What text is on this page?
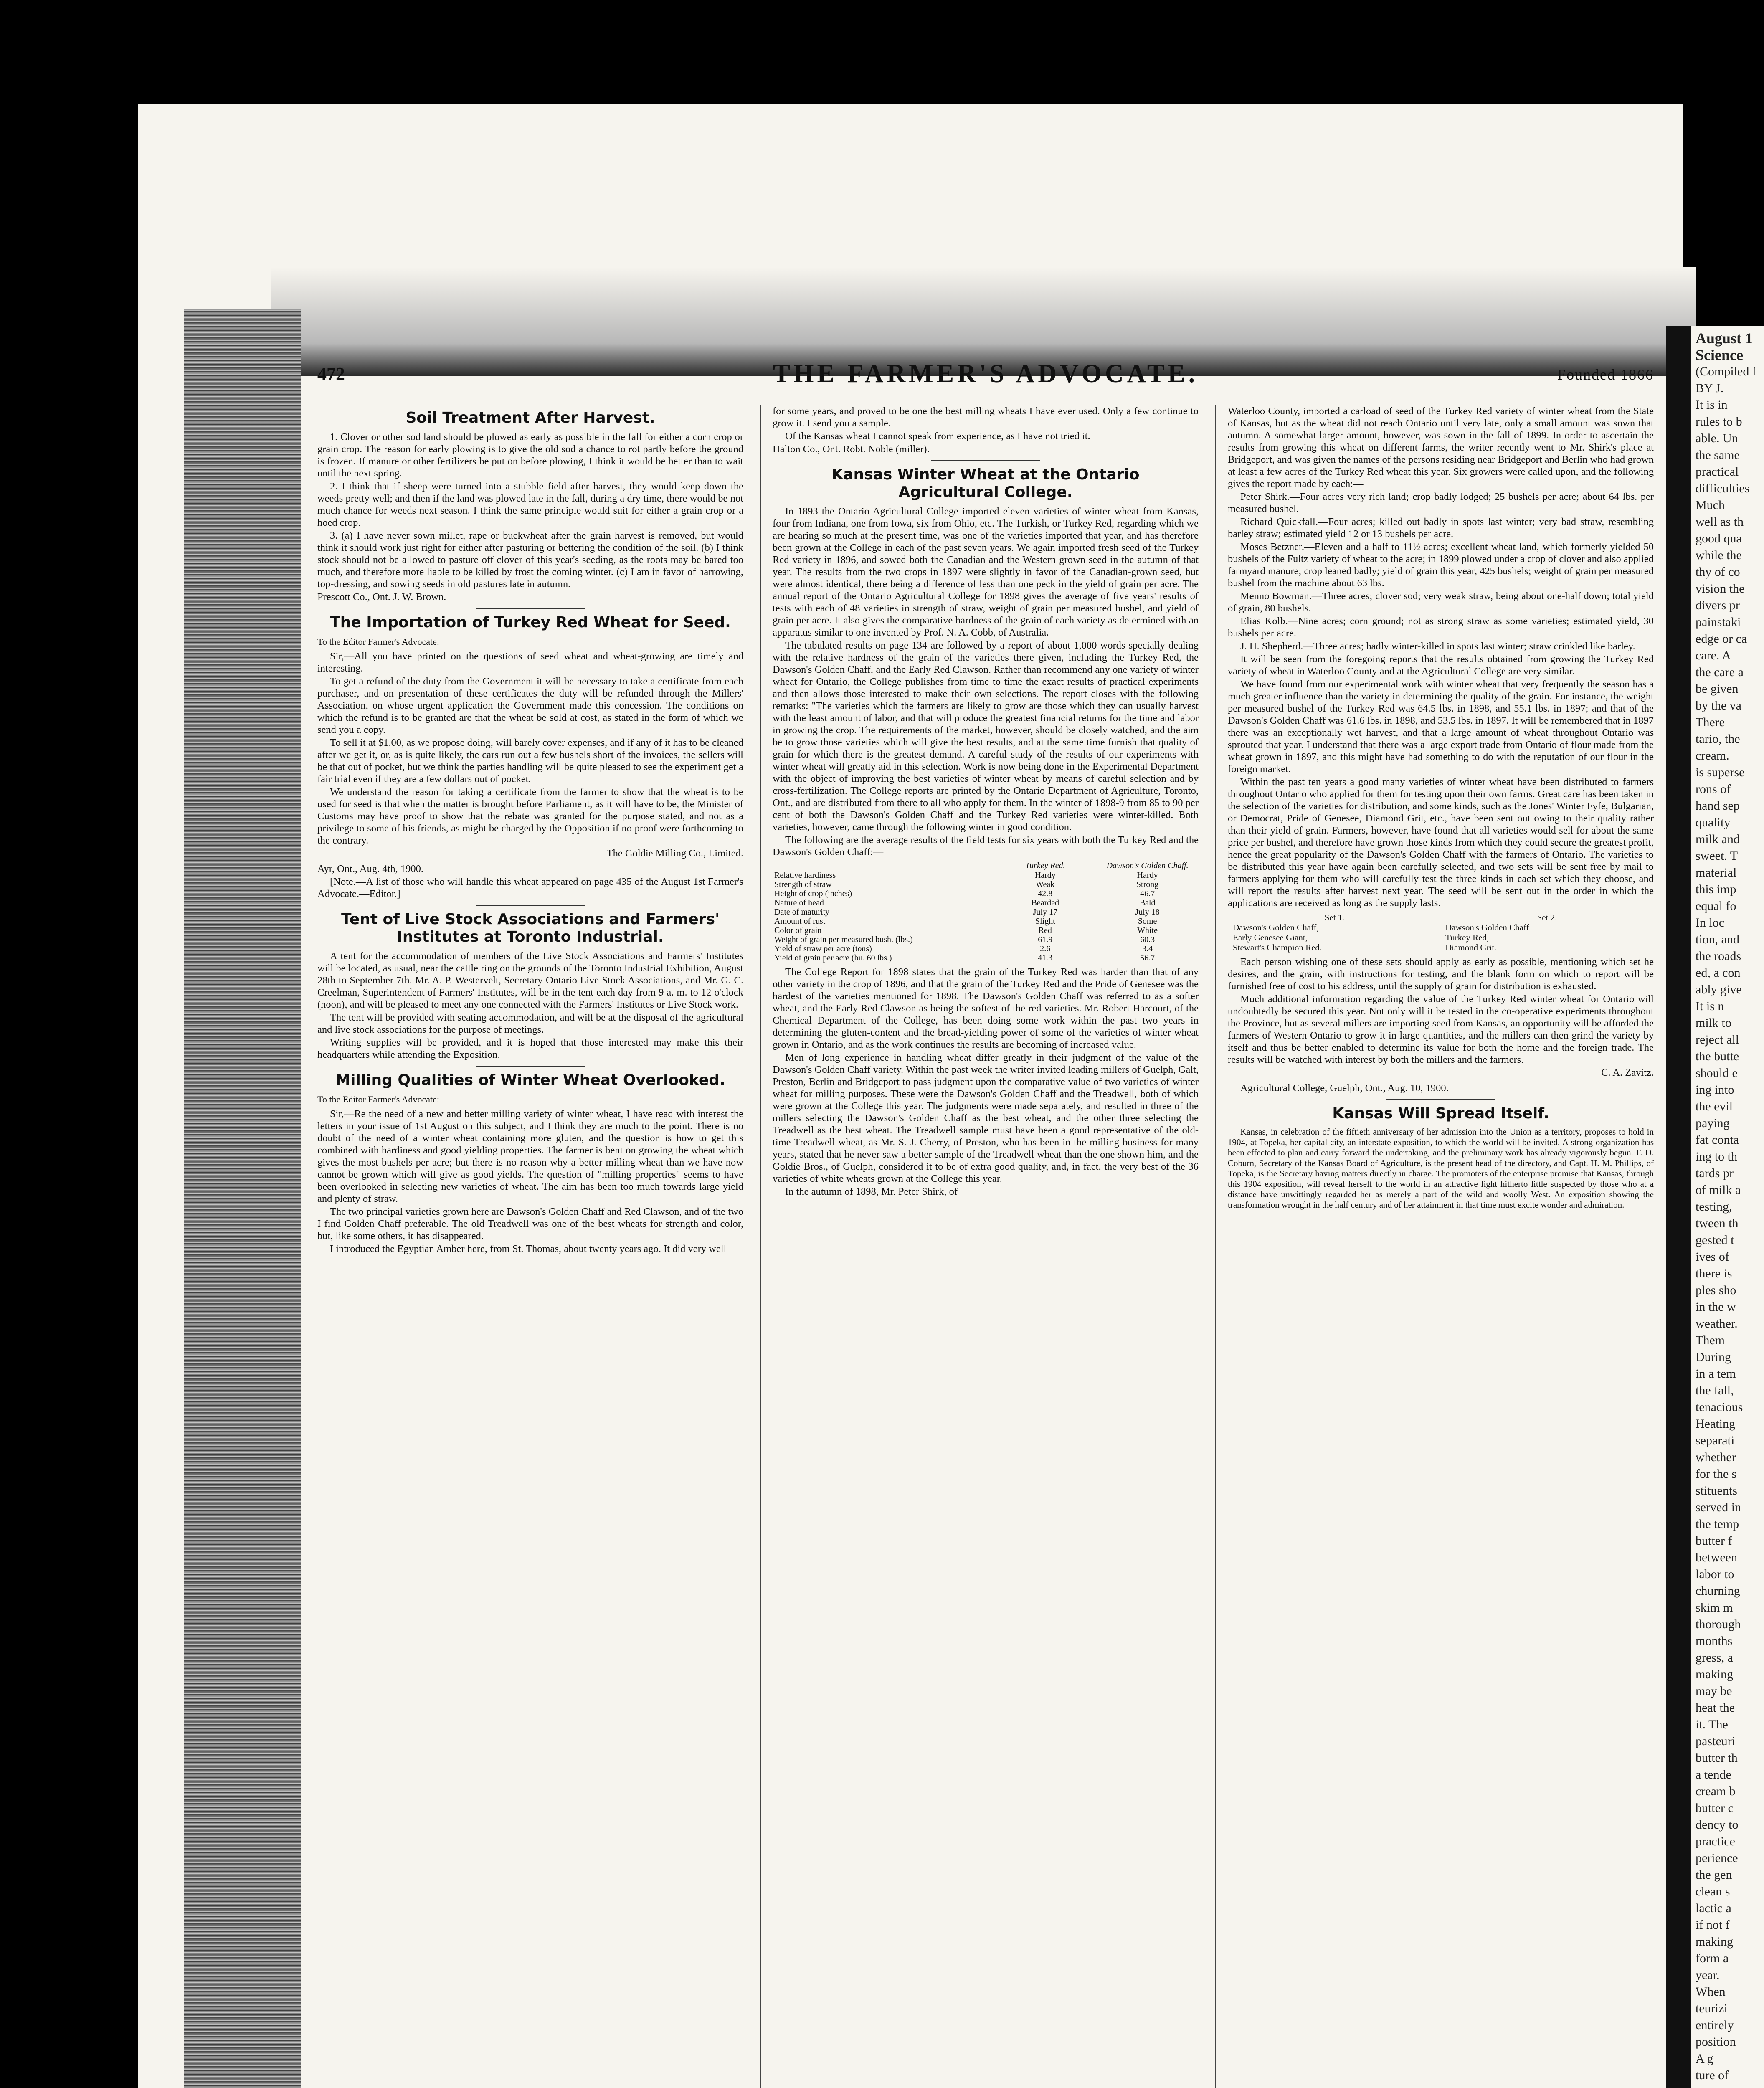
August 1
Science
(Compiled f
BY J.
It is in
rules to b
able. Un
the same
practical
difficulties
Much
well as th
good qua
while the
thy of co
vision the
divers pr
painstaki
edge or ca
care. A
the care a
be given
by the va
There
tario, the
cream.
is superse
rons of
hand sep
quality
milk and
sweet. T
material
this imp
equal fo
In loc
tion, and
the roads
ed, a con
ably give
It is n
milk to
reject all
the butte
should e
ing into
the evil
paying
fat conta
ing to th
tards pr
of milk a
testing,
tween th
gested t
ives of
there is
ples sho
in the w
weather.
Them
During
in a tem
the fall,
tenacious
Heating
separati
whether
for the s
stituents
served in
the temp
butter f
between
labor to
churning
skim m
thorough
months
gress, a
making
may be
heat the
it. The
pasteuri
butter th
a tende
cream b
butter c
dency to
practice
perience
the gen
clean s
lactic a
if not f
making
form a
year.
When
teurizi
entirely
position
A g
ture of
THE FARMER'S ADVOCATE.
472	Founded 1866
Soil Treatment After Harvest.

1. Clover or other sod land should be plowed as early as possible in the fall for either a corn crop or grain crop. The reason for early plowing is to give the old sod a chance to rot partly before the ground is frozen. If manure or other fertilizers be put on before plowing, I think it would be better than to wait until the next spring.

2. I think that if sheep were turned into a stubble field after harvest, they would keep down the weeds pretty well; and then if the land was plowed late in the fall, during a dry time, there would be not much chance for weeds next season. I think the same principle would suit for either a grain crop or a hoed crop.

3. (a) I have never sown millet, rape or buckwheat after the grain harvest is removed, but would think it should work just right for either after pasturing or bettering the condition of the soil. (b) I think stock should not be allowed to pasture off clover of this year's seeding, as the roots may be bared too much, and therefore more liable to be killed by frost the coming winter. (c) I am in favor of harrowing, top-dressing, and sowing seeds in old pastures late in autumn.

Prescott Co., Ont. J. W. Brown.

The Importation of Turkey Red Wheat for Seed.

To the Editor Farmer's Advocate:

Sir,—All you have printed on the questions of seed wheat and wheat-growing are timely and interesting.

To get a refund of the duty from the Government it will be necessary to take a certificate from each purchaser, and on presentation of these certificates the duty will be refunded through the Millers' Association, on whose urgent application the Government made this concession. The conditions on which the refund is to be granted are that the wheat be sold at cost, as stated in the form of which we send you a copy.

To sell it at $1.00, as we propose doing, will barely cover expenses, and if any of it has to be cleaned after we get it, or, as is quite likely, the cars run out a few bushels short of the invoices, the sellers will be that out of pocket, but we think the parties handling will be quite pleased to see the experiment get a fair trial even if they are a few dollars out of pocket.

We understand the reason for taking a certificate from the farmer to show that the wheat is to be used for seed is that when the matter is brought before Parliament, as it will have to be, the Minister of Customs may have proof to show that the rebate was granted for the purpose stated, and not as a privilege to some of his friends, as might be charged by the Opposition if no proof were forthcoming to the contrary.

The Goldie Milling Co., Limited.

Ayr, Ont., Aug. 4th, 1900.

[Note.—A list of those who will handle this wheat appeared on page 435 of the August 1st Farmer's Advocate.—Editor.]

Tent of Live Stock Associations and Farmers' Institutes at Toronto Industrial.

A tent for the accommodation of members of the Live Stock Associations and Farmers' Institutes will be located, as usual, near the cattle ring on the grounds of the Toronto Industrial Exhibition, August 28th to September 7th. Mr. A. P. Westervelt, Secretary Ontario Live Stock Associations, and Mr. G. C. Creelman, Superintendent of Farmers' Institutes, will be in the tent each day from 9 a. m. to 12 o'clock (noon), and will be pleased to meet any one connected with the Farmers' Institutes or Live Stock work.

The tent will be provided with seating accommodation, and will be at the disposal of the agricultural and live stock associations for the purpose of meetings.

Writing supplies will be provided, and it is hoped that those interested may make this their headquarters while attending the Exposition.

Milling Qualities of Winter Wheat Overlooked.

To the Editor Farmer's Advocate:

Sir,—Re the need of a new and better milling variety of winter wheat, I have read with interest the letters in your issue of 1st August on this subject, and I think they are much to the point. There is no doubt of the need of a winter wheat containing more gluten, and the question is how to get this combined with hardiness and good yielding properties. The farmer is bent on growing the wheat which gives the most bushels per acre; but there is no reason why a better milling wheat than we have now cannot be grown which will give as good yields. The question of "milling properties" seems to have been overlooked in selecting new varieties of wheat. The aim has been too much towards large yield and plenty of straw.

The two principal varieties grown here are Dawson's Golden Chaff and Red Clawson, and of the two I find Golden Chaff preferable. The old Treadwell was one of the best wheats for strength and color, but, like some others, it has disappeared.

I introduced the Egyptian Amber here, from St. Thomas, about twenty years ago. It did very well

for some years, and proved to be one the best milling wheats I have ever used. Only a few continue to grow it. I send you a sample.

Of the Kansas wheat I cannot speak from experience, as I have not tried it.

Halton Co., Ont. Robt. Noble (miller).

Kansas Winter Wheat at the Ontario Agricultural College.

In 1893 the Ontario Agricultural College imported eleven varieties of winter wheat from Kansas, four from Indiana, one from Iowa, six from Ohio, etc. The Turkish, or Turkey Red, regarding which we are hearing so much at the present time, was one of the varieties imported that year, and has therefore been grown at the College in each of the past seven years. We again imported fresh seed of the Turkey Red variety in 1896, and sowed both the Canadian and the Western grown seed in the autumn of that year. The results from the two crops in 1897 were slightly in favor of the Canadian-grown seed, but were almost identical, there being a difference of less than one peck in the yield of grain per acre. The annual report of the Ontario Agricultural College for 1898 gives the average of five years' results of tests with each of 48 varieties in strength of straw, weight of grain per measured bushel, and yield of grain per acre. It also gives the comparative hardness of the grain of each variety as determined with an apparatus similar to one invented by Prof. N. A. Cobb, of Australia.

The tabulated results on page 134 are followed by a report of about 1,000 words specially dealing with the relative hardness of the grain of the varieties there given, including the Turkey Red, the Dawson's Golden Chaff, and the Early Red Clawson. Rather than recommend any one variety of winter wheat for Ontario, the College publishes from time to time the exact results of practical experiments and then allows those interested to make their own selections. The report closes with the following remarks: "The varieties which the farmers are likely to grow are those which they can usually harvest with the least amount of labor, and that will produce the greatest financial returns for the time and labor in growing the crop. The requirements of the market, however, should be closely watched, and the aim be to grow those varieties which will give the best results, and at the same time furnish that quality of grain for which there is the greatest demand. A careful study of the results of our experiments with winter wheat will greatly aid in this selection. Work is now being done in the Experimental Department with the object of improving the best varieties of winter wheat by means of careful selection and by cross-fertilization. The College reports are printed by the Ontario Department of Agriculture, Toronto, Ont., and are distributed from there to all who apply for them. In the winter of 1898-9 from 85 to 90 per cent of both the Dawson's Golden Chaff and the Turkey Red varieties were winter-killed. Both varieties, however, came through the following winter in good condition.

The following are the average results of the field tests for six years with both the Turkey Red and the Dawson's Golden Chaff:—

	Turkey Red.	Dawson's Golden Chaff.
Relative hardiness	Hardy	Hardy
Strength of straw	Weak	Strong
Height of crop (inches)	42.8	46.7
Nature of head	Bearded	Bald
Date of maturity	July 17	July 18
Amount of rust	Slight	Some
Color of grain	Red	White
Weight of grain per measured bush. (lbs.)	61.9	60.3
Yield of straw per acre (tons)	2.6	3.4
Yield of grain per acre (bu. 60 lbs.)	41.3	56.7

The College Report for 1898 states that the grain of the Turkey Red was harder than that of any other variety in the crop of 1896, and that the grain of the Turkey Red and the Pride of Genesee was the hardest of the varieties mentioned for 1898. The Dawson's Golden Chaff was referred to as a softer wheat, and the Early Red Clawson as being the softest of the red varieties. Mr. Robert Harcourt, of the Chemical Department of the College, has been doing some work within the past two years in determining the gluten-content and the bread-yielding power of some of the varieties of winter wheat grown in Ontario, and as the work continues the results are becoming of increased value.

Men of long experience in handling wheat differ greatly in their judgment of the value of the Dawson's Golden Chaff variety. Within the past week the writer invited leading millers of Guelph, Galt, Preston, Berlin and Bridgeport to pass judgment upon the comparative value of two varieties of winter wheat for milling purposes. These were the Dawson's Golden Chaff and the Treadwell, both of which were grown at the College this year. The judgments were made separately, and resulted in three of the millers selecting the Dawson's Golden Chaff as the best wheat, and the other three selecting the Treadwell as the best wheat. The Treadwell sample must have been a good representative of the old-time Treadwell wheat, as Mr. S. J. Cherry, of Preston, who has been in the milling business for many years, stated that he never saw a better sample of the Treadwell wheat than the one shown him, and the Goldie Bros., of Guelph, considered it to be of extra good quality, and, in fact, the very best of the 36 varieties of white wheats grown at the College this year.

In the autumn of 1898, Mr. Peter Shirk, of

Waterloo County, imported a carload of seed of the Turkey Red variety of winter wheat from the State of Kansas, but as the wheat did not reach Ontario until very late, only a small amount was sown that autumn. A somewhat larger amount, however, was sown in the fall of 1899. In order to ascertain the results from growing this wheat on different farms, the writer recently went to Mr. Shirk's place at Bridgeport, and was given the names of the persons residing near Bridgeport and Berlin who had grown at least a few acres of the Turkey Red wheat this year. Six growers were called upon, and the following gives the report made by each:—

Peter Shirk.—Four acres very rich land; crop badly lodged; 25 bushels per acre; about 64 lbs. per measured bushel.

Richard Quickfall.—Four acres; killed out badly in spots last winter; very bad straw, resembling barley straw; estimated yield 12 or 13 bushels per acre.

Moses Betzner.—Eleven and a half to 11½ acres; excellent wheat land, which formerly yielded 50 bushels of the Fultz variety of wheat to the acre; in 1899 plowed under a crop of clover and also applied farmyard manure; crop leaned badly; yield of grain this year, 425 bushels; weight of grain per measured bushel from the machine about 63 lbs.

Menno Bowman.—Three acres; clover sod; very weak straw, being about one-half down; total yield of grain, 80 bushels.

Elias Kolb.—Nine acres; corn ground; not as strong straw as some varieties; estimated yield, 30 bushels per acre.

J. H. Shepherd.—Three acres; badly winter-killed in spots last winter; straw crinkled like barley.

It will be seen from the foregoing reports that the results obtained from growing the Turkey Red variety of wheat in Waterloo County and at the Agricultural College are very similar.

We have found from our experimental work with winter wheat that very frequently the season has a much greater influence than the variety in determining the quality of the grain. For instance, the weight per measured bushel of the Turkey Red was 64.5 lbs. in 1898, and 55.1 lbs. in 1897; and that of the Dawson's Golden Chaff was 61.6 lbs. in 1898, and 53.5 lbs. in 1897. It will be remembered that in 1897 there was an exceptionally wet harvest, and that a large amount of wheat throughout Ontario was sprouted that year. I understand that there was a large export trade from Ontario of flour made from the wheat grown in 1897, and this might have had something to do with the reputation of our flour in the foreign market.

Within the past ten years a good many varieties of winter wheat have been distributed to farmers throughout Ontario who applied for them for testing upon their own farms. Great care has been taken in the selection of the varieties for distribution, and some kinds, such as the Jones' Winter Fyfe, Bulgarian, or Democrat, Pride of Genesee, Diamond Grit, etc., have been sent out owing to their quality rather than their yield of grain. Farmers, however, have found that all varieties would sell for about the same price per bushel, and therefore have grown those kinds from which they could secure the greatest profit, hence the great popularity of the Dawson's Golden Chaff with the farmers of Ontario. The varieties to be distributed this year have again been carefully selected, and two sets will be sent free by mail to farmers applying for them who will carefully test the three kinds in each set which they choose, and will report the results after harvest next year. The seed will be sent out in the order in which the applications are received as long as the supply lasts.

Set 1.
Dawson's Golden Chaff,
Early Genesee Giant,
Stewart's Champion Red.

Set 2.
Dawson's Golden Chaff
Turkey Red,
Diamond Grit.

Each person wishing one of these sets should apply as early as possible, mentioning which set he desires, and the grain, with instructions for testing, and the blank form on which to report will be furnished free of cost to his address, until the supply of grain for distribution is exhausted.

Much additional information regarding the value of the Turkey Red winter wheat for Ontario will undoubtedly be secured this year. Not only will it be tested in the co-operative experiments throughout the Province, but as several millers are importing seed from Kansas, an opportunity will be afforded the farmers of Western Ontario to grow it in large quantities, and the millers can then grind the variety by itself and thus be better enabled to determine its value for both the home and the foreign trade. The results will be watched with interest by both the millers and the farmers.

C. A. Zavitz.

Agricultural College, Guelph, Ont., Aug. 10, 1900.

Kansas Will Spread Itself.

Kansas, in celebration of the fiftieth anniversary of her admission into the Union as a territory, proposes to hold in 1904, at Topeka, her capital city, an interstate exposition, to which the world will be invited. A strong organization has been effected to plan and carry forward the undertaking, and the preliminary work has already vigorously begun. F. D. Coburn, Secretary of the Kansas Board of Agriculture, is the present head of the directory, and Capt. H. M. Phillips, of Topeka, is the Secretary having matters directly in charge. The promoters of the enterprise promise that Kansas, through this 1904 exposition, will reveal herself to the world in an attractive light hitherto little suspected by those who at a distance have unwittingly regarded her as merely a part of the wild and woolly West. An exposition showing the transformation wrought in the half century and of her attainment in that time must excite wonder and admiration.
